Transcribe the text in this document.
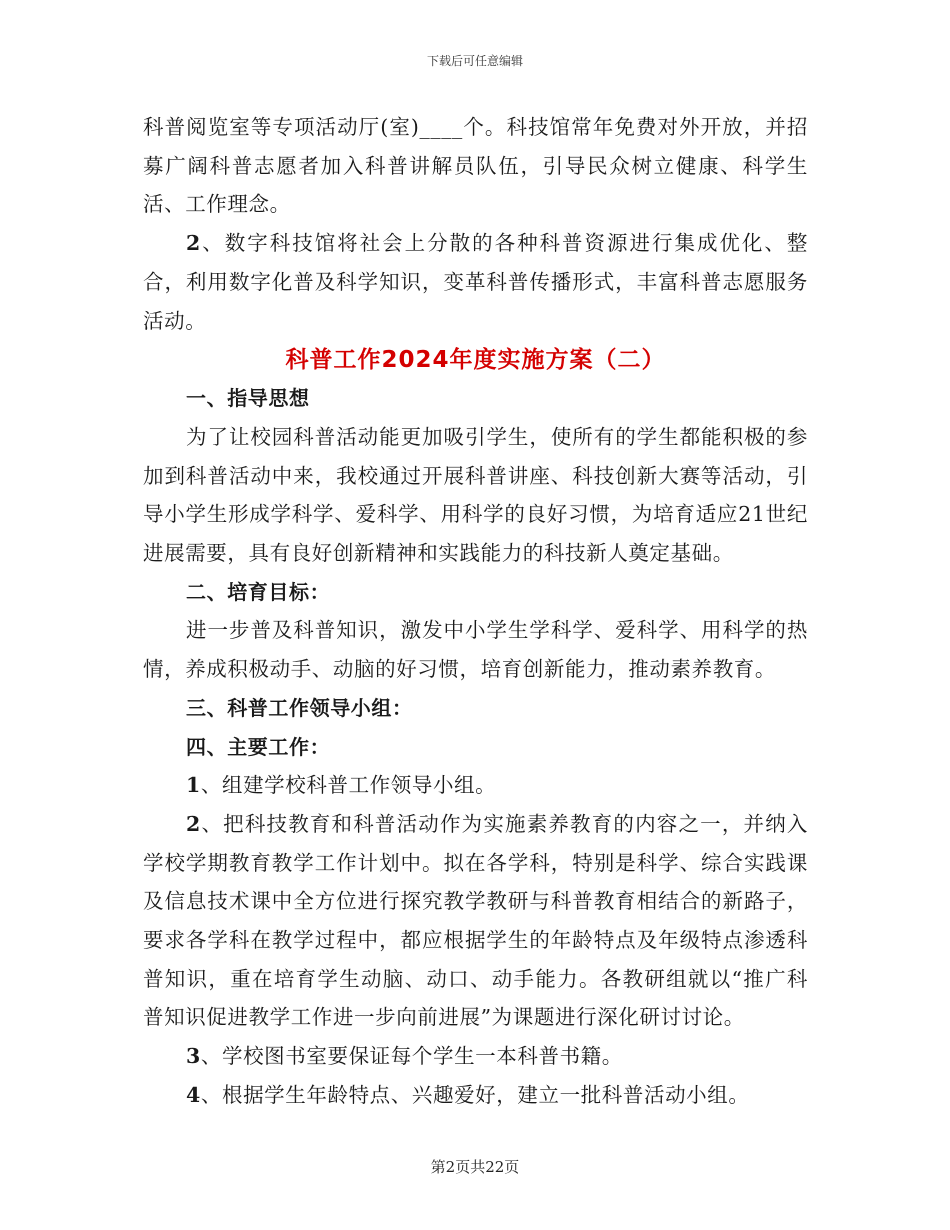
下载后可任意编辑

科普阅览室等专项活动厅(室)____个。科技馆常年免费对外开放，并招募广阔科普志愿者加入科普讲解员队伍，引导民众树立健康、科学生活、工作理念。

2、数字科技馆将社会上分散的各种科普资源进行集成优化、整合，利用数字化普及科学知识，变革科普传播形式，丰富科普志愿服务活动。

科普工作2024年度实施方案（二）

一、指导思想

为了让校园科普活动能更加吸引学生，使所有的学生都能积极的参加到科普活动中来，我校通过开展科普讲座、科技创新大赛等活动，引导小学生形成学科学、爱科学、用科学的良好习惯，为培育适应21世纪进展需要，具有良好创新精神和实践能力的科技新人奠定基础。

二、培育目标：

进一步普及科普知识，激发中小学生学科学、爱科学、用科学的热情，养成积极动手、动脑的好习惯，培育创新能力，推动素养教育。

三、科普工作领导小组：

四、主要工作：

1、组建学校科普工作领导小组。

2、把科技教育和科普活动作为实施素养教育的内容之一，并纳入学校学期教育教学工作计划中。拟在各学科，特别是科学、综合实践课及信息技术课中全方位进行探究教学教研与科普教育相结合的新路子，要求各学科在教学过程中，都应根据学生的年龄特点及年级特点渗透科普知识，重在培育学生动脑、动口、动手能力。各教研组就以“推广科普知识促进教学工作进一步向前进展”为课题进行深化研讨讨论。

3、学校图书室要保证每个学生一本科普书籍。

4、根据学生年龄特点、兴趣爱好，建立一批科普活动小组。

第2页共22页
